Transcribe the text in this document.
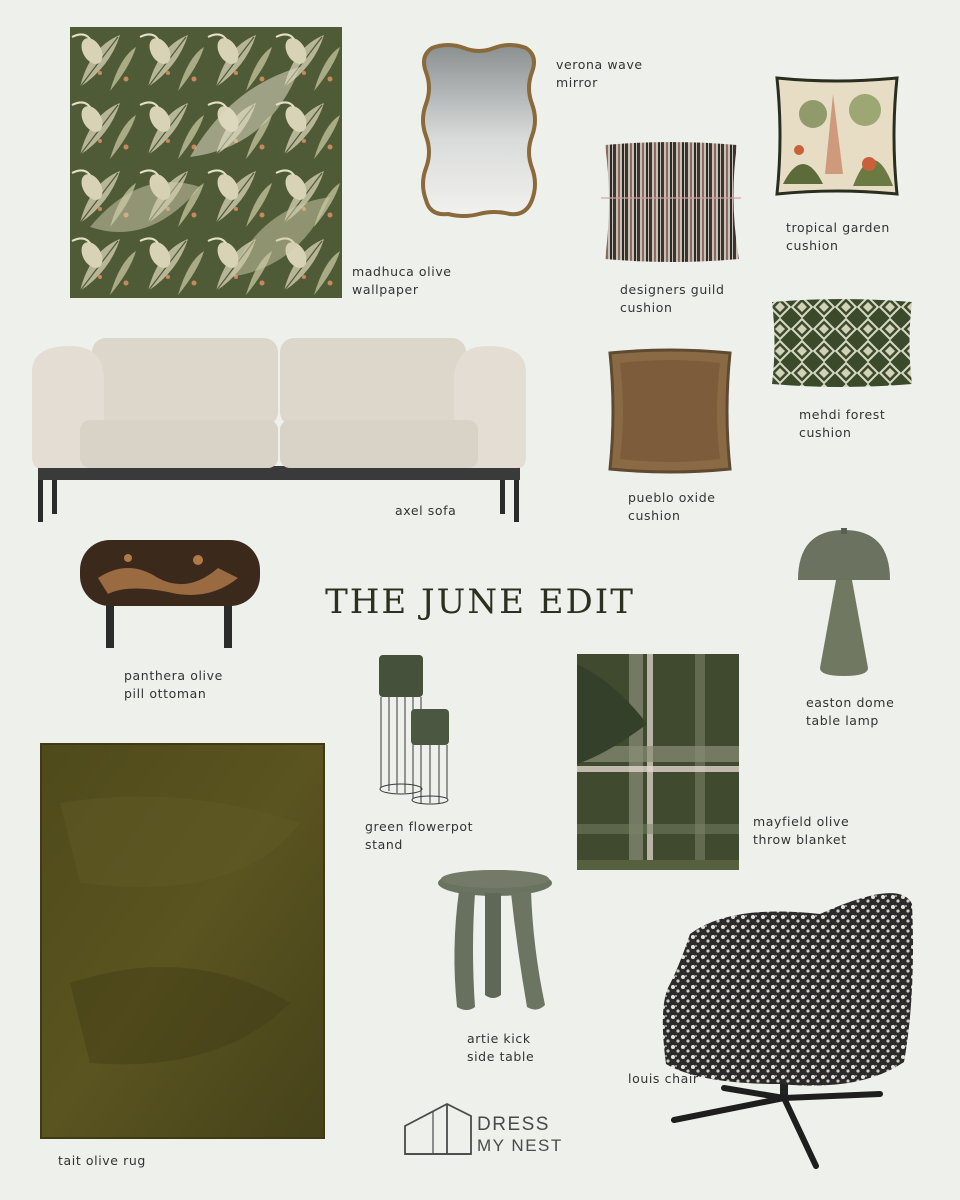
madhuca olive
wallpaper
verona wave
mirror
tropical garden
cushion
designers guild
cushion
mehdi forest
cushion
pueblo oxide
cushion
axel sofa
panthera olive
pill ottoman
THE JUNE EDIT
easton dome
table lamp
green flowerpot
stand
mayfield olive
throw blanket
tait olive rug
artie kick
side table
louis chair
DRESS
MY NEST
